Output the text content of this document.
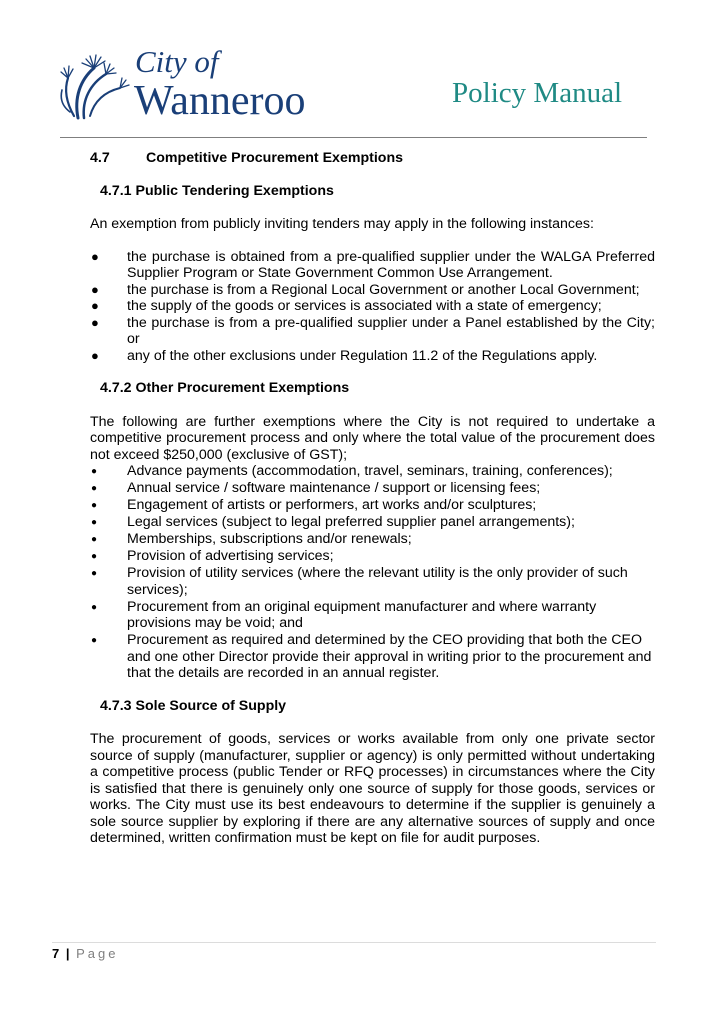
City of
Wanneroo	Policy Manual
4.7	Competitive Procurement Exemptions
4.7.1 Public Tendering Exemptions

An exemption from publicly inviting tenders may apply in the following instances:

● the purchase is obtained from a pre-qualified supplier under the WALGA Preferred Supplier Program or State Government Common Use Arrangement.
● the purchase is from a Regional Local Government or another Local Government;
● the supply of the goods or services is associated with a state of emergency;
● the purchase is from a pre-qualified supplier under a Panel established by the City; or
● any of the other exclusions under Regulation 11.2 of the Regulations apply.
4.7.2 Other Procurement Exemptions

The following are further exemptions where the City is not required to undertake a competitive procurement process and only where the total value of the procurement does not exceed $250,000 (exclusive of GST);

● Advance payments (accommodation, travel, seminars, training, conferences);
● Annual service / software maintenance / support or licensing fees;
● Engagement of artists or performers, art works and/or sculptures;
● Legal services (subject to legal preferred supplier panel arrangements);
● Memberships, subscriptions and/or renewals;
● Provision of advertising services;
● Provision of utility services (where the relevant utility is the only provider of such services);
● Procurement from an original equipment manufacturer and where warranty provisions may be void; and
● Procurement as required and determined by the CEO providing that both the CEO and one other Director provide their approval in writing prior to the procurement and that the details are recorded in an annual register.
4.7.3 Sole Source of Supply

The procurement of goods, services or works available from only one private sector source of supply (manufacturer, supplier or agency) is only permitted without undertaking a competitive process (public Tender or RFQ processes) in circumstances where the City is satisfied that there is genuinely only one source of supply for those goods, services or works. The City must use its best endeavours to determine if the supplier is genuinely a sole source supplier by exploring if there are any alternative sources of supply and once determined, written confirmation must be kept on file for audit purposes.

7 | Page
